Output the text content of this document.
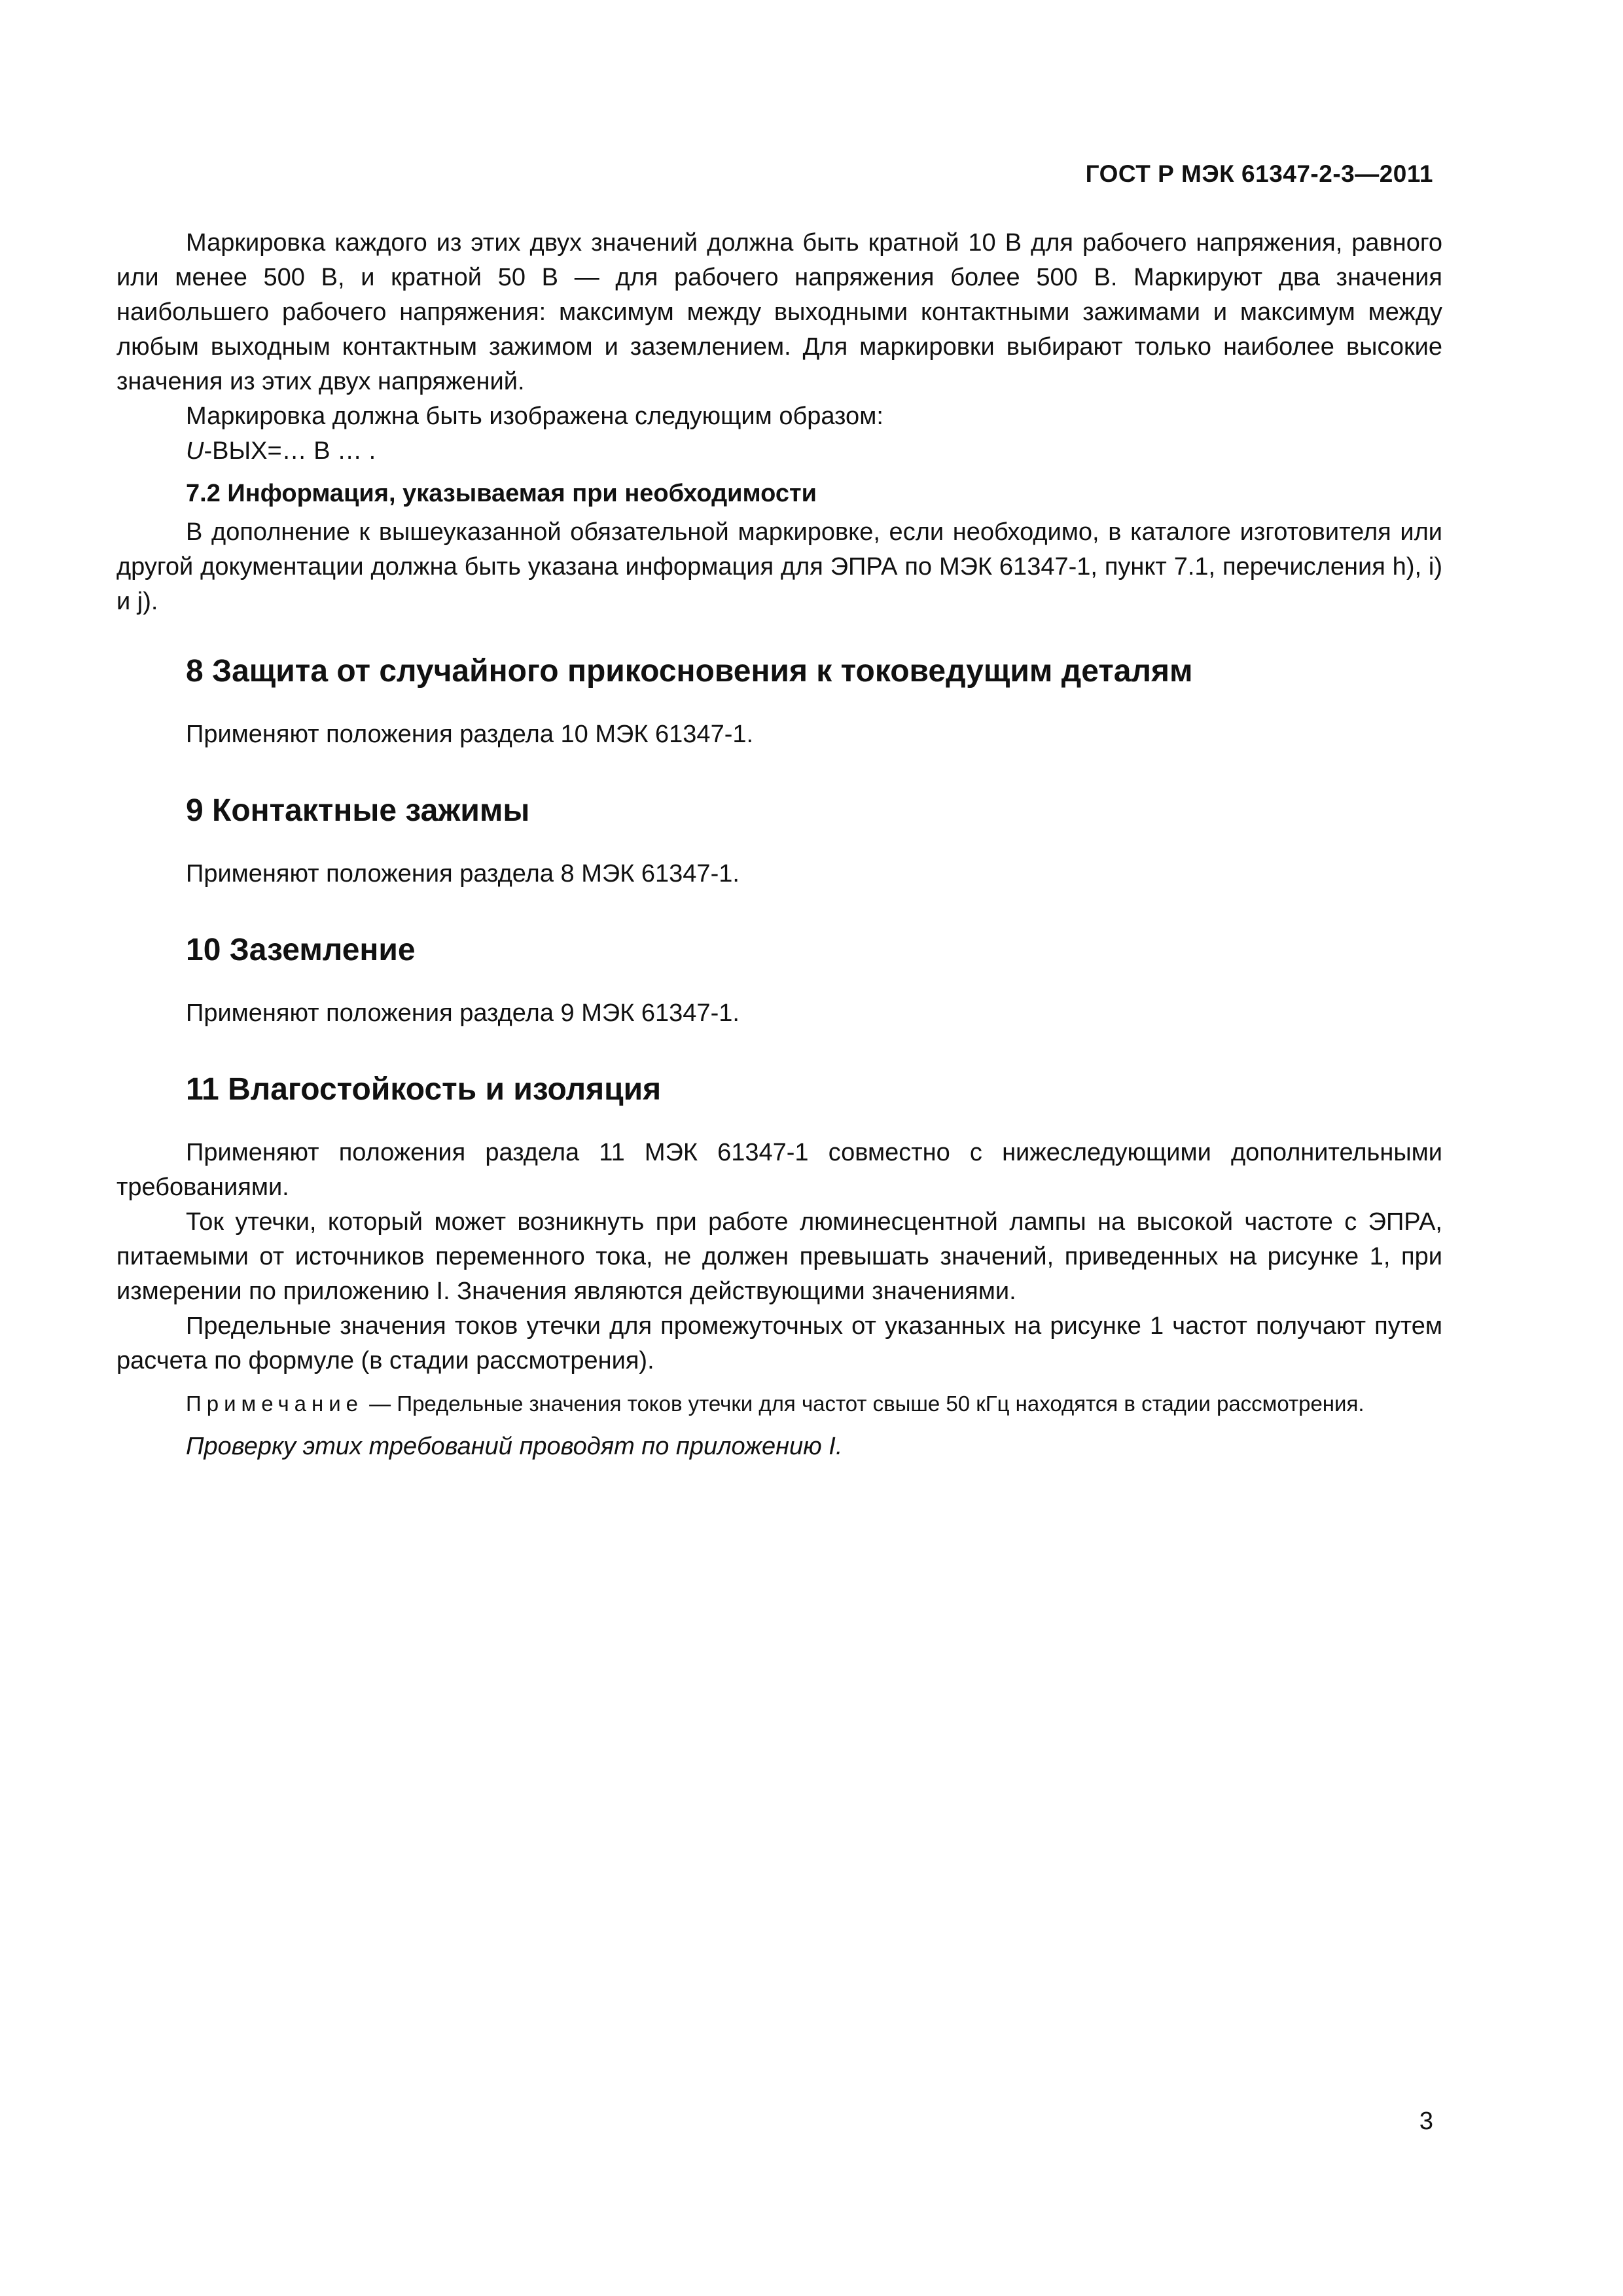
ГОСТ Р МЭК 61347-2-3—2011

Маркировка каждого из этих двух значений должна быть кратной 10 В для рабочего напряжения, равного или менее 500 В, и кратной 50 В — для рабочего напряжения более 500 В. Маркируют два значения наибольшего рабочего напряжения: максимум между выходными контактными зажимами и максимум между любым выходным контактным зажимом и заземлением. Для маркировки выбирают только наиболее высокие значения из этих двух напряжений.

Маркировка должна быть изображена следующим образом:

U-ВЫХ=… В … .

7.2 Информация, указываемая при необходимости

В дополнение к вышеуказанной обязательной маркировке, если необходимо, в каталоге изготовителя или другой документации должна быть указана информация для ЭПРА по МЭК 61347-1, пункт 7.1, перечисления h), i) и j).

8 Защита от случайного прикосновения к токоведущим деталям

Применяют положения раздела 10 МЭК 61347-1.

9 Контактные зажимы

Применяют положения раздела 8 МЭК 61347-1.

10 Заземление

Применяют положения раздела 9 МЭК 61347-1.

11 Влагостойкость и изоляция

Применяют положения раздела 11 МЭК 61347-1 совместно с нижеследующими дополнительными требованиями.

Ток утечки, который может возникнуть при работе люминесцентной лампы на высокой частоте с ЭПРА, питаемыми от источников переменного тока, не должен превышать значений, приведенных на рисунке 1, при измерении по приложению I. Значения являются действующими значениями.

Предельные значения токов утечки для промежуточных от указанных на рисунке 1 частот получают путем расчета по формуле (в стадии рассмотрения).

Примечание — Предельные значения токов утечки для частот свыше 50 кГц находятся в стадии рассмотрения.

Проверку этих требований проводят по приложению I.

3
